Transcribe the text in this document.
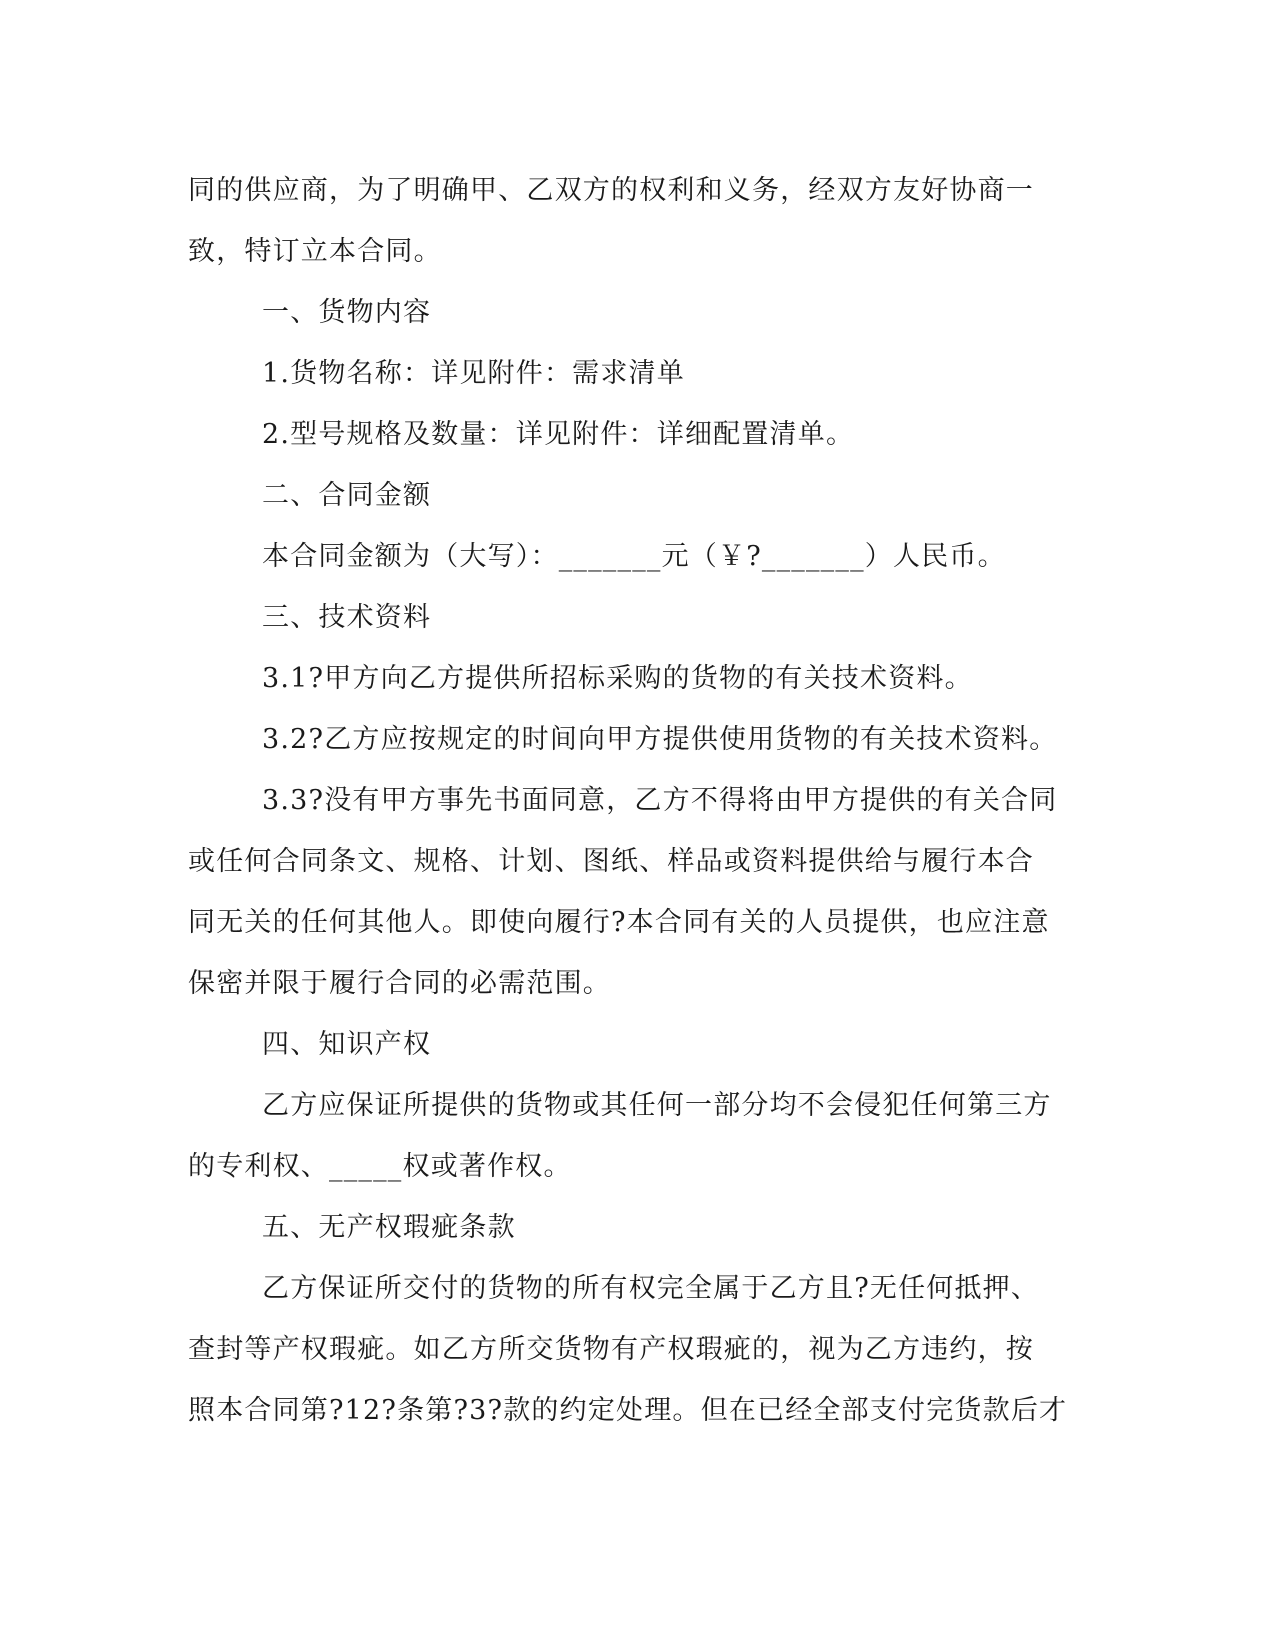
同的供应商，为了明确甲、乙双方的权利和义务，经双方友好协商一

致，特订立本合同。

一、货物内容

1.货物名称：详见附件：需求清单

2.型号规格及数量：详见附件：详细配置清单。

二、合同金额

本合同金额为（大写）：_______元（￥?_______）人民币。

三、技术资料

3.1?甲方向乙方提供所招标采购的货物的有关技术资料。

3.2?乙方应按规定的时间向甲方提供使用货物的有关技术资料。

3.3?没有甲方事先书面同意，乙方不得将由甲方提供的有关合同

或任何合同条文、规格、计划、图纸、样品或资料提供给与履行本合

同无关的任何其他人。即使向履行?本合同有关的人员提供，也应注意

保密并限于履行合同的必需范围。

四、知识产权

乙方应保证所提供的货物或其任何一部分均不会侵犯任何第三方

的专利权、_____权或著作权。

五、无产权瑕疵条款

乙方保证所交付的货物的所有权完全属于乙方且?无任何抵押、

查封等产权瑕疵。如乙方所交货物有产权瑕疵的，视为乙方违约，按

照本合同第?12?条第?3?款的约定处理。但在已经全部支付完货款后才
